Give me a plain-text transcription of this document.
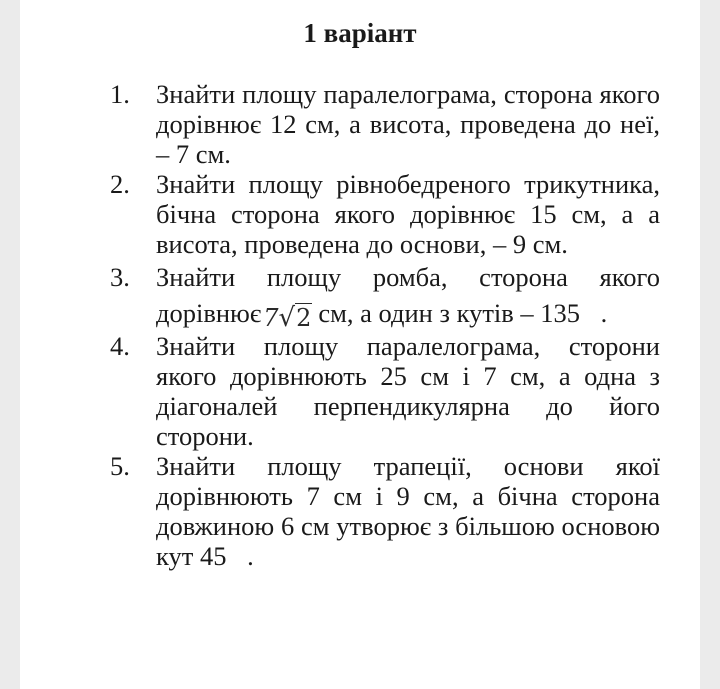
1 варіант
1. Знайти площу паралелограма, сторона якого дорівнює 12 см, а висота, проведена до неї, – 7 см.
2. Знайти площу рівнобедреного трикутника, бічна сторона якого дорівнює 15 см, а а висота, проведена до основи, – 9 см.
3. Знайти площу ромба, сторона якого дорівнює7√2 см, а один з кутів – 135⃞.
4. Знайти площу паралелограма, сторони якого дорівнюють 25 см і 7 см, а одна з діагоналей перпендикулярна до його сторони.
5. Знайти площу трапеції, основи якої дорівнюють 7 см і 9 см, а бічна сторона довжиною 6 см утворює з більшою основою кут 45⃞.
